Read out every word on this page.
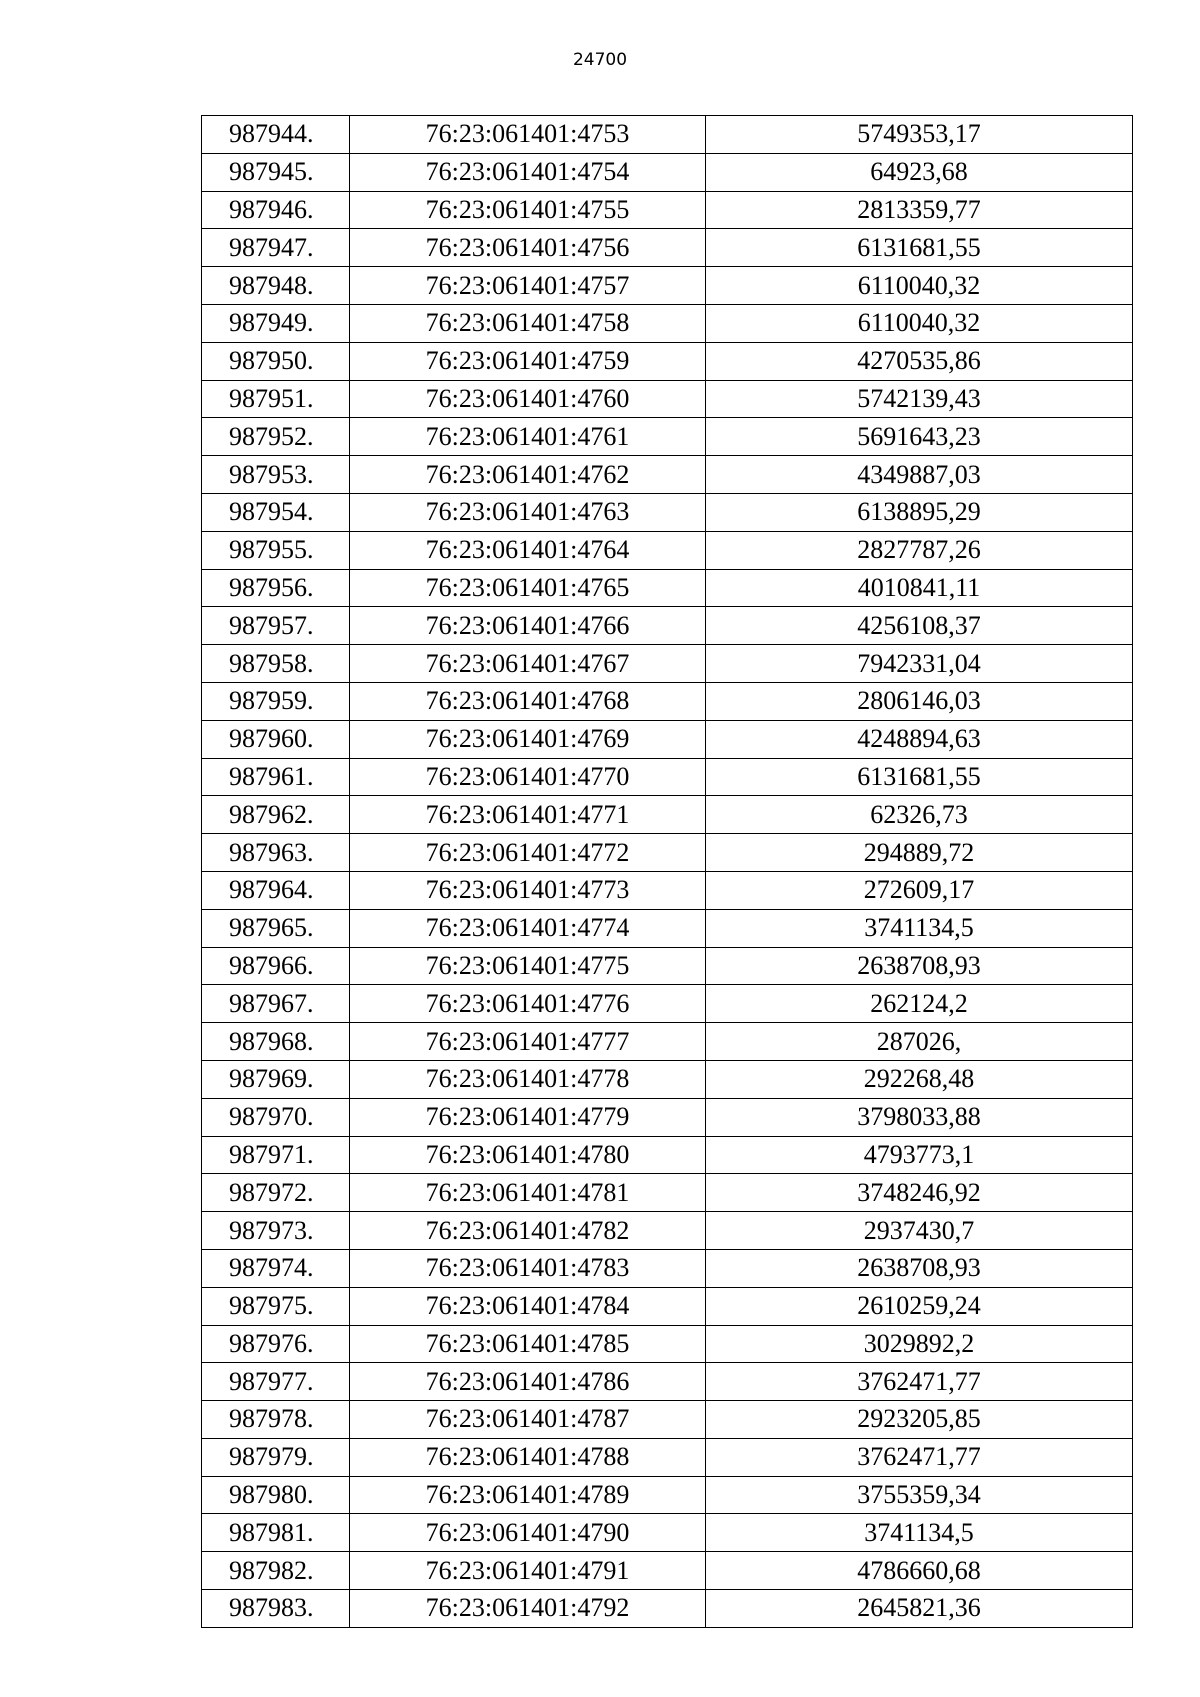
24700
987944.	76:23:061401:4753	5749353,17
987945.	76:23:061401:4754	64923,68
987946.	76:23:061401:4755	2813359,77
987947.	76:23:061401:4756	6131681,55
987948.	76:23:061401:4757	6110040,32
987949.	76:23:061401:4758	6110040,32
987950.	76:23:061401:4759	4270535,86
987951.	76:23:061401:4760	5742139,43
987952.	76:23:061401:4761	5691643,23
987953.	76:23:061401:4762	4349887,03
987954.	76:23:061401:4763	6138895,29
987955.	76:23:061401:4764	2827787,26
987956.	76:23:061401:4765	4010841,11
987957.	76:23:061401:4766	4256108,37
987958.	76:23:061401:4767	7942331,04
987959.	76:23:061401:4768	2806146,03
987960.	76:23:061401:4769	4248894,63
987961.	76:23:061401:4770	6131681,55
987962.	76:23:061401:4771	62326,73
987963.	76:23:061401:4772	294889,72
987964.	76:23:061401:4773	272609,17
987965.	76:23:061401:4774	3741134,5
987966.	76:23:061401:4775	2638708,93
987967.	76:23:061401:4776	262124,2
987968.	76:23:061401:4777	287026,
987969.	76:23:061401:4778	292268,48
987970.	76:23:061401:4779	3798033,88
987971.	76:23:061401:4780	4793773,1
987972.	76:23:061401:4781	3748246,92
987973.	76:23:061401:4782	2937430,7
987974.	76:23:061401:4783	2638708,93
987975.	76:23:061401:4784	2610259,24
987976.	76:23:061401:4785	3029892,2
987977.	76:23:061401:4786	3762471,77
987978.	76:23:061401:4787	2923205,85
987979.	76:23:061401:4788	3762471,77
987980.	76:23:061401:4789	3755359,34
987981.	76:23:061401:4790	3741134,5
987982.	76:23:061401:4791	4786660,68
987983.	76:23:061401:4792	2645821,36
